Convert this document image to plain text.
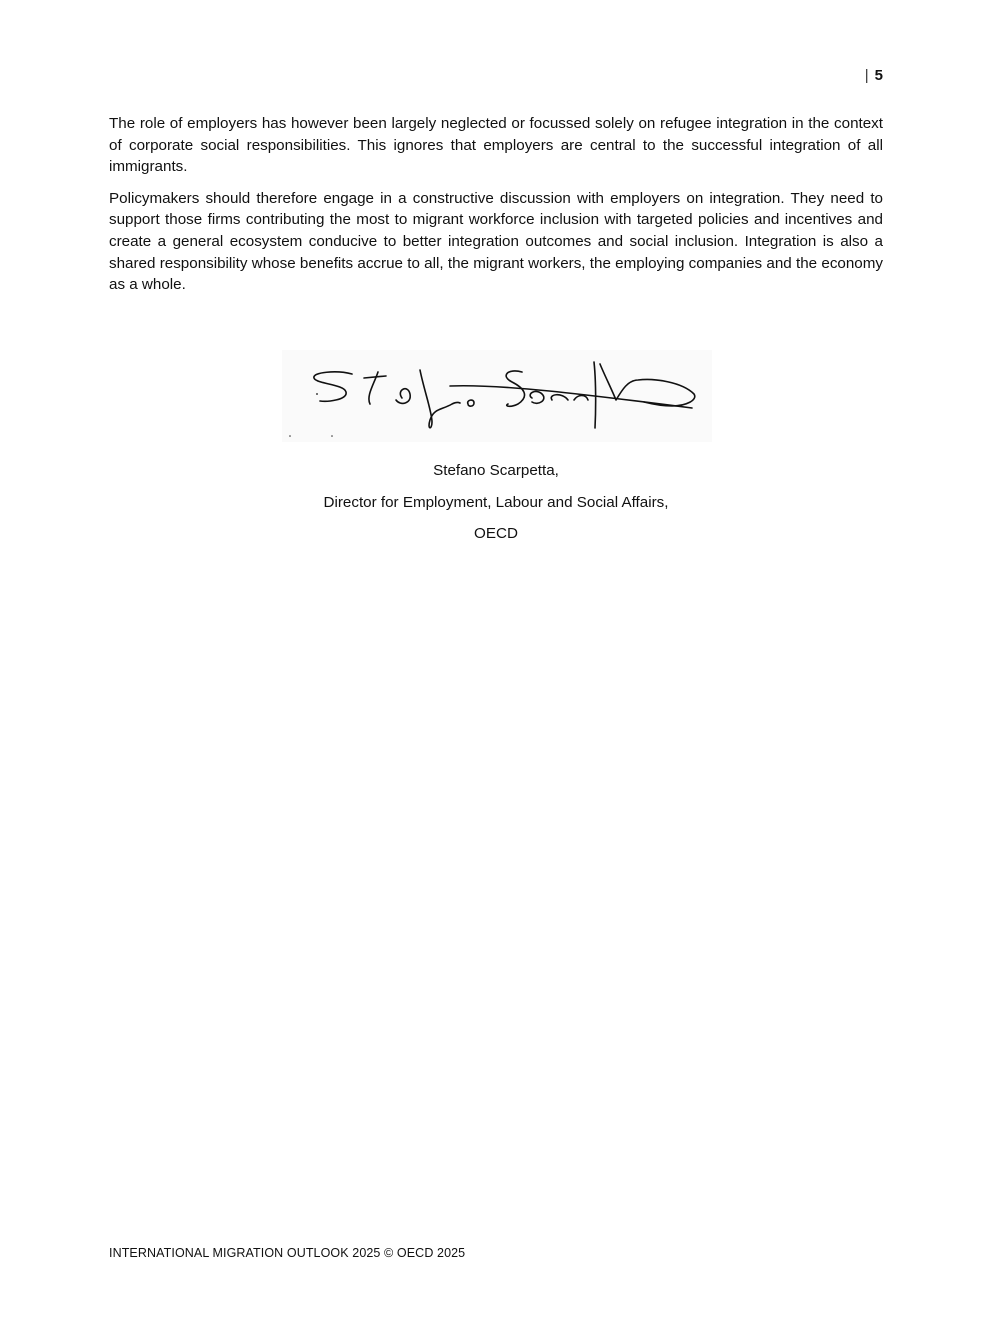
| 5

The role of employers has however been largely neglected or focussed solely on refugee integration in the context of corporate social responsibilities. This ignores that employers are central to the successful integration of all immigrants.

Policymakers should therefore engage in a constructive discussion with employers on integration. They need to support those firms contributing the most to migrant workforce inclusion with targeted policies and incentives and create a general ecosystem conducive to better integration outcomes and social inclusion. Integration is also a shared responsibility whose benefits accrue to all, the migrant workers, the employing companies and the economy as a whole.

Stefano Scarpetta,
Director for Employment, Labour and Social Affairs,
OECD
INTERNATIONAL MIGRATION OUTLOOK 2025 © OECD 2025
